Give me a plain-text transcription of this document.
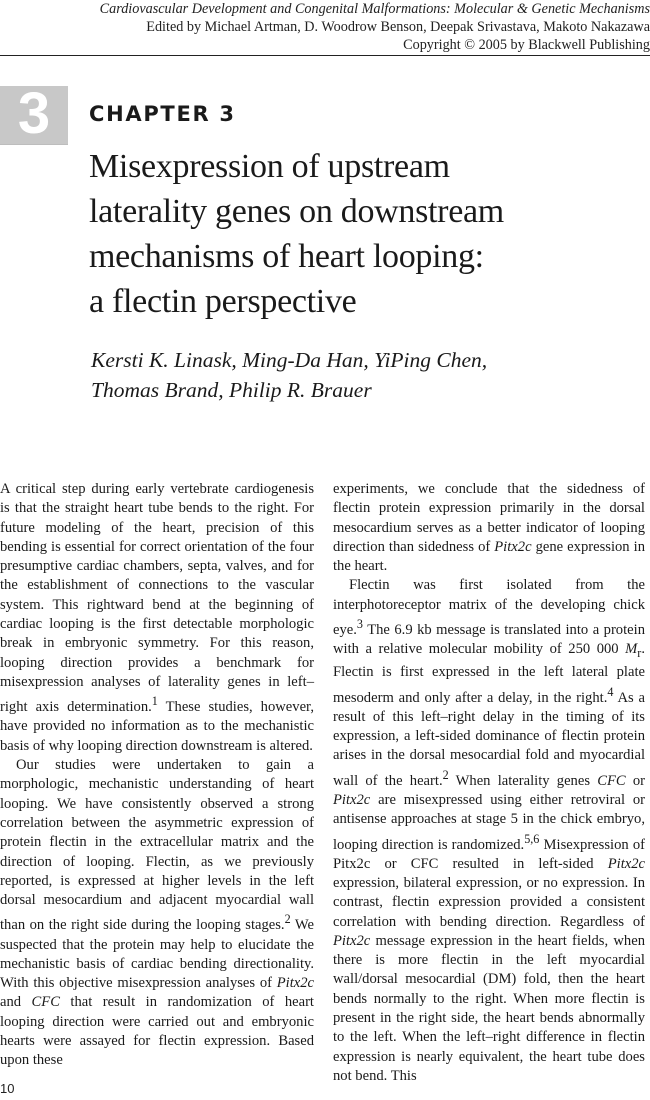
Cardiovascular Development and Congenital Malformations: Molecular & Genetic Mechanisms
Edited by Michael Artman, D. Woodrow Benson, Deepak Srivastava, Makoto Nakazawa
Copyright © 2005 by Blackwell Publishing
3	CHAPTER 3
Misexpression of upstream
laterality genes on downstream
mechanisms of heart looping:
a flectin perspective
Kersti K. Linask, Ming-Da Han, YiPing Chen,
Thomas Brand, Philip R. Brauer

A critical step during early vertebrate cardiogenesis is that the straight heart tube bends to the right. For future modeling of the heart, precision of this bending is essential for correct orientation of the four presumptive cardiac chambers, septa, valves, and for the establishment of connections to the vascular system. This rightward bend at the beginning of cardiac looping is the first detectable morphologic break in embryonic symmetry. For this reason, looping direction provides a benchmark for misexpression analyses of laterality genes in left–right axis determination.$^1$ These studies, however, have provided no information as to the mechanistic basis of why looping direction downstream is altered.

Our studies were undertaken to gain a morphologic, mechanistic understanding of heart looping. We have consistently observed a strong correlation between the asymmetric expression of protein flectin in the extracellular matrix and the direction of looping. Flectin, as we previously reported, is expressed at higher levels in the left dorsal mesocardium and adjacent myocardial wall than on the right side during the looping stages.$^2$ We suspected that the protein may help to elucidate the mechanistic basis of cardiac bending directionality. With this objective misexpression analyses of Pitx2c and CFC that result in randomization of heart looping direction were carried out and embryonic hearts were assayed for flectin expression. Based upon these

experiments, we conclude that the sidedness of flectin protein expression primarily in the dorsal mesocardium serves as a better indicator of looping direction than sidedness of Pitx2c gene expression in the heart.

Flectin was first isolated from the interphotoreceptor matrix of the developing chick eye.$^3$ The 6.9 kb message is translated into a protein with a relative molecular mobility of 250 000 $M_r$. Flectin is first expressed in the left lateral plate mesoderm and only after a delay, in the right.$^4$ As a result of this left–right delay in the timing of its expression, a left-sided dominance of flectin protein arises in the dorsal mesocardial fold and myocardial wall of the heart.$^2$ When laterality genes CFC or Pitx2c are misexpressed using either retroviral or antisense approaches at stage 5 in the chick embryo, looping direction is randomized.$^{5,6}$ Misexpression of Pitx2c or CFC resulted in left-sided Pitx2c expression, bilateral expression, or no expression. In contrast, flectin expression provided a consistent correlation with bending direction. Regardless of Pitx2c message expression in the heart fields, when there is more flectin in the left myocardial wall/dorsal mesocardial (DM) fold, then the heart bends normally to the right. When more flectin is present in the right side, the heart bends abnormally to the left. When the left–right difference in flectin expression is nearly equivalent, the heart tube does not bend. This

10
